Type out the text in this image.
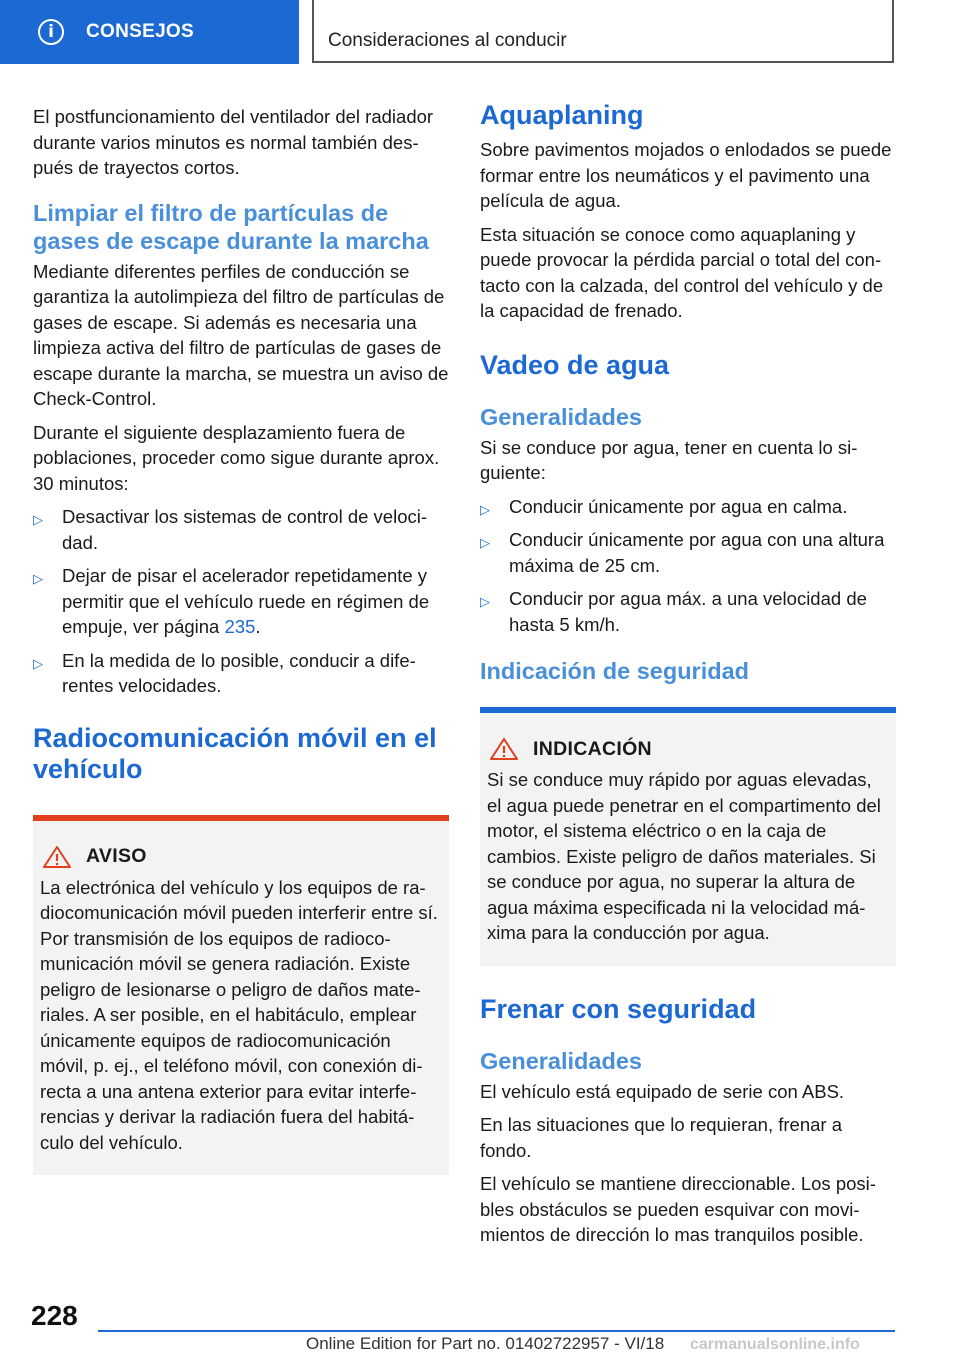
i	CONSEJOS	Consideraciones al conducir

El postfuncionamiento del ventilador del radiador durante varios minutos es normal también después de trayectos cortos.

Limpiar el filtro de partículas de gases de escape durante la marcha

Mediante diferentes perfiles de conducción se garantiza la autolimpieza del filtro de partículas de gases de escape. Si además es necesaria una limpieza activa del filtro de partículas de gases de escape durante la marcha, se muestra un aviso de Check-Control.

Durante el siguiente desplazamiento fuera de poblaciones, proceder como sigue durante aprox. 30 minutos:

▷ Desactivar los sistemas de control de velocidad.
▷ Dejar de pisar el acelerador repetidamente y permitir que el vehículo ruede en régimen de empuje, ver página 235.
▷ En la medida de lo posible, conducir a diferentes velocidades.
Radiocomunicación móvil en el vehículo
AVISO

La electrónica del vehículo y los equipos de radiocomunicación móvil pueden interferir entre sí. Por transmisión de los equipos de radiocomunicación móvil se genera radiación. Existe peligro de lesionarse o peligro de daños materiales. A ser posible, en el habitáculo, emplear únicamente equipos de radiocomunicación móvil, p. ej., el teléfono móvil, con conexión directa a una antena exterior para evitar interferencias y derivar la radiación fuera del habitáculo del vehículo.

Aquaplaning

Sobre pavimentos mojados o enlodados se puede formar entre los neumáticos y el pavimento una película de agua.

Esta situación se conoce como aquaplaning y puede provocar la pérdida parcial o total del contacto con la calzada, del control del vehículo y de la capacidad de frenado.

Vadeo de agua
Generalidades

Si se conduce por agua, tener en cuenta lo siguiente:

▷ Conducir únicamente por agua en calma.
▷ Conducir únicamente por agua con una altura máxima de 25 cm.
▷ Conducir por agua máx. a una velocidad de hasta 5 km/h.
Indicación de seguridad
INDICACIÓN

Si se conduce muy rápido por aguas elevadas, el agua puede penetrar en el compartimento del motor, el sistema eléctrico o en la caja de cambios. Existe peligro de daños materiales. Si se conduce por agua, no superar la altura de agua máxima especificada ni la velocidad máxima para la conducción por agua.

Frenar con seguridad
Generalidades

El vehículo está equipado de serie con ABS.

En las situaciones que lo requieran, frenar a fondo.

El vehículo se mantiene direccionable. Los posibles obstáculos se pueden esquivar con movimientos de dirección lo mas tranquilos posible.

228
Online Edition for Part no. 01402722957 - VI/18 carmanualsonline.info
